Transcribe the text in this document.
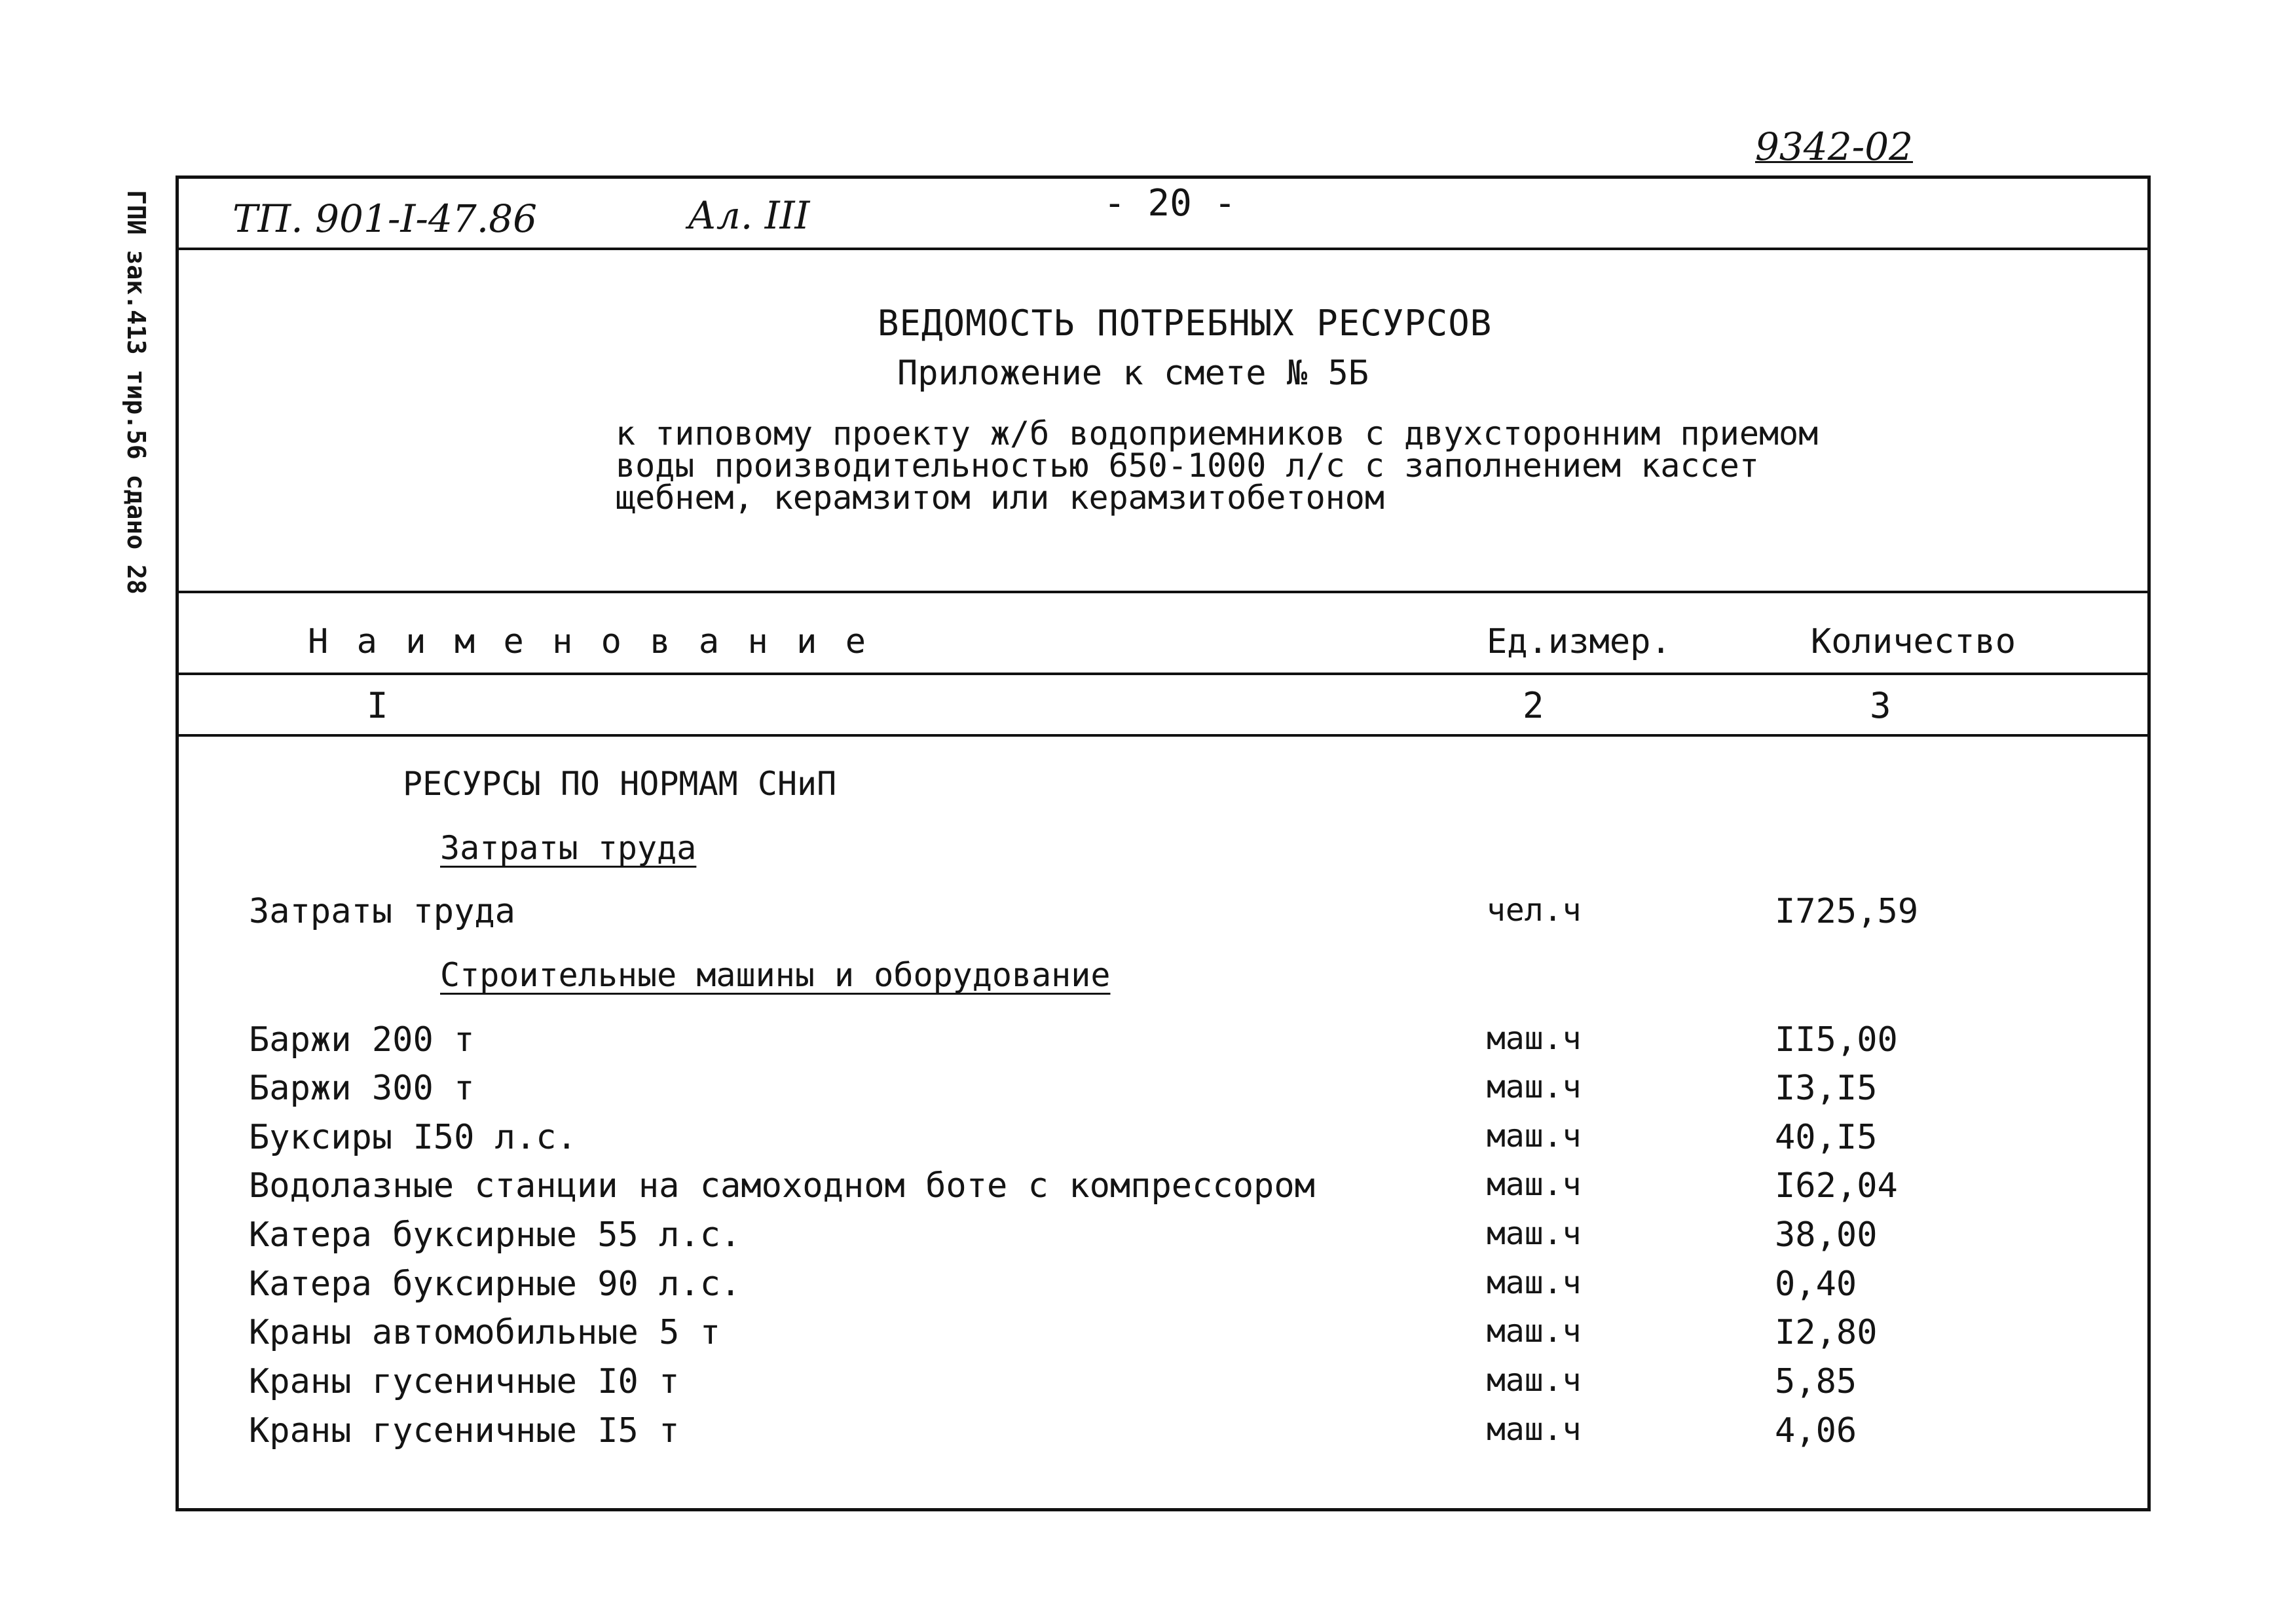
9342-02
ГПИ зак.413 тир.56 сдано 28 ТП. 901-I-47.86	Ал. III	- 20 -
ВЕДОМОСТЬ ПОТРЕБНЫХ РЕСУРСОВ
Приложение к смете № 5Б
к типовому проекту ж/б водоприемников с двухсторонним приемом
воды производительностью 650-1000 л/с с заполнением кассет
щебнем, керамзитом или керамзитобетоном
Н а и м е н о в а н и е	Ед.измер.	Количество
I	2	3
РЕСУРСЫ ПО НОРМАМ СНиП
Затраты труда
Затраты труда	чел.ч	I725,59
Строительные машины и оборудование
Баржи 200 т	маш.ч	II5,00
Баржи 300 т	маш.ч	I3,I5
Буксиры I50 л.с.	маш.ч	40,I5
Водолазные станции на самоходном боте с компрессором	маш.ч	I62,04
Катера буксирные 55 л.с.	маш.ч	38,00
Катера буксирные 90 л.с.	маш.ч	0,40
Краны автомобильные 5 т	маш.ч	I2,80
Краны гусеничные I0 т	маш.ч	5,85
Краны гусеничные I5 т	маш.ч	4,06
